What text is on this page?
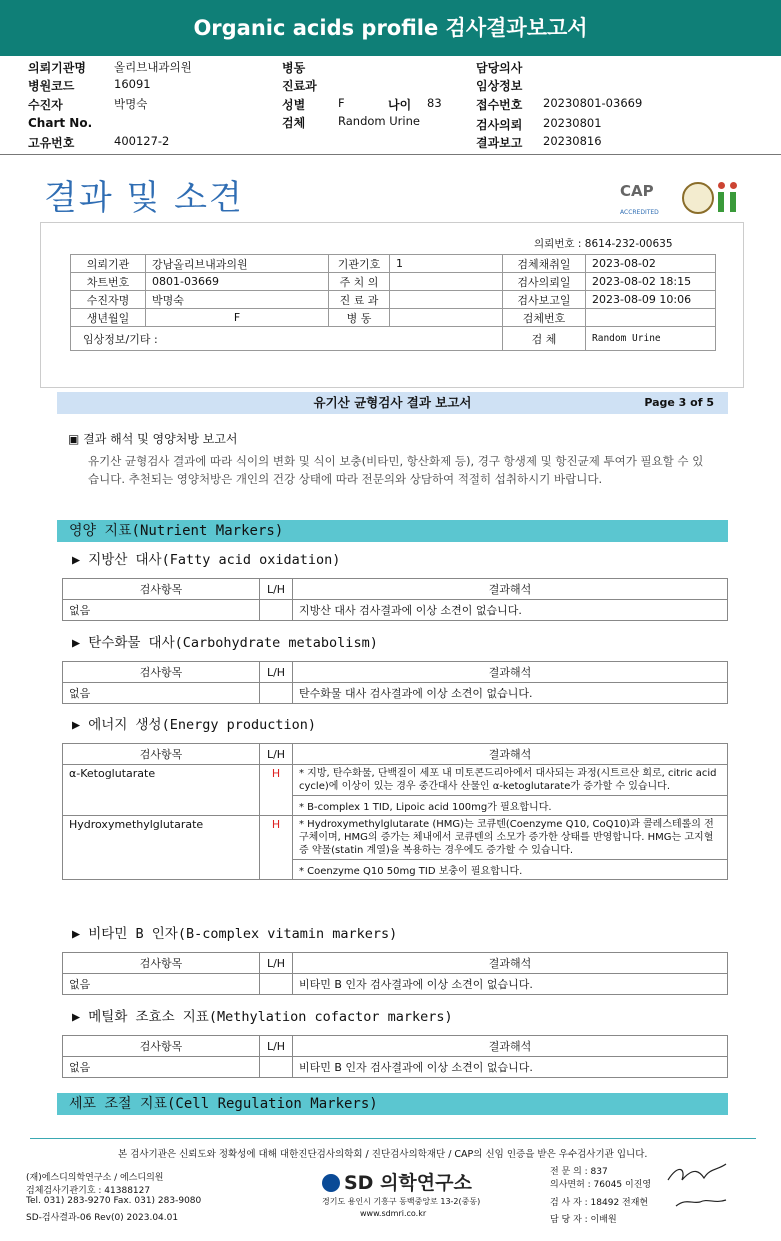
Organic acids profile 검사결과보고서
의뢰기관명 올리브내과의원
병원코드	16091
수진자	박명숙
Chart No.
고유번호	400127-2
병동
진료과
성별	F	나이 83
검체	Random Urine
담당의사
임상정보
접수번호 20230801-03669
검사의뢰 20230801
결과보고 20230816
결과 및 소견	CAP
ACCREDITED
의뢰번호 : 8614-232-00635
의뢰기관	강남올리브내과의원	기관기호	1	검체채취일	2023-08-02
차트번호	0801-03669	주 치 의		검사의뢰일	2023-08-02 18:15
수진자명	박명숙	진 료 과		검사보고일	2023-08-09 10:06
생년월일	F	병 동		검체번호	
임상정보/기타 :				검 체	Random Urine
유기산 균형검사 결과 보고서	Page 3 of 5
▣ 결과 해석 및 영양처방 보고서
유기산 균형검사 결과에 따라 식이의 변화 및 식이 보충(비타민, 항산화제 등), 경구 항생제 및 항진균제 투여가 필요할 수 있습니다. 추천되는 영양처방은 개인의 건강 상태에 따라 전문의와 상담하여 적절히 섭취하시기 바랍니다.
영양 지표(Nutrient Markers)
▶ 지방산 대사(Fatty acid oxidation)
검사항목	L/H	결과해석
없음		지방산 대사 검사결과에 이상 소견이 없습니다.
▶ 탄수화물 대사(Carbohydrate metabolism)
검사항목	L/H	결과해석
없음		탄수화물 대사 검사결과에 이상 소견이 없습니다.
▶ 에너지 생성(Energy production)
검사항목	L/H	결과해석
α-Ketoglutarate	H	* 지방, 탄수화물, 단백질이 세포 내 미토콘드리아에서 대사되는 과정(시트르산 회로, citric acid cycle)에 이상이 있는 경우 중간대사 산물인 α-ketoglutarate가 증가할 수 있습니다.
		* B-complex 1 TID, Lipoic acid 100mg가 필요합니다.
Hydroxymethylglutarate	H	* Hydroxymethylglutarate (HMG)는 코큐텐(Coenzyme Q10, CoQ10)과 콜레스테롤의 전구체이며, HMG의 증가는 체내에서 코큐텐의 소모가 증가한 상태를 반영합니다. HMG는 고지혈증 약물(statin 계열)을 복용하는 경우에도 증가할 수 있습니다.
		* Coenzyme Q10 50mg TID 보충이 필요합니다.
▶ 비타민 B 인자(B-complex vitamin markers)
검사항목	L/H	결과해석
없음		비타민 B 인자 검사결과에 이상 소견이 없습니다.
▶ 메틸화 조효소 지표(Methylation cofactor markers)
검사항목	L/H	결과해석
없음		비타민 B 인자 검사결과에 이상 소견이 없습니다.
세포 조절 지표(Cell Regulation Markers)
본 검사기관은 신뢰도와 정확성에 대해 대한진단검사의학회 / 진단검사의학재단 / CAP의 신임 인증을 받은 우수검사기관 입니다.
(재)에스디의학연구소 / 에스디의원
검체검사기관기호 : 41388127
Tel. 031) 283-9270 Fax. 031) 283-9080
SD-검사결과-06 Rev(0) 2023.04.01
SD 의학연구소
경기도 용인시 기흥구 동백중앙로 13-2(중동)
www.sdmri.co.kr
전 문 의 : 837
의사면허 : 76045 이진영
검 사 자 : 18492 전재현
담 당 자 : 이배원
